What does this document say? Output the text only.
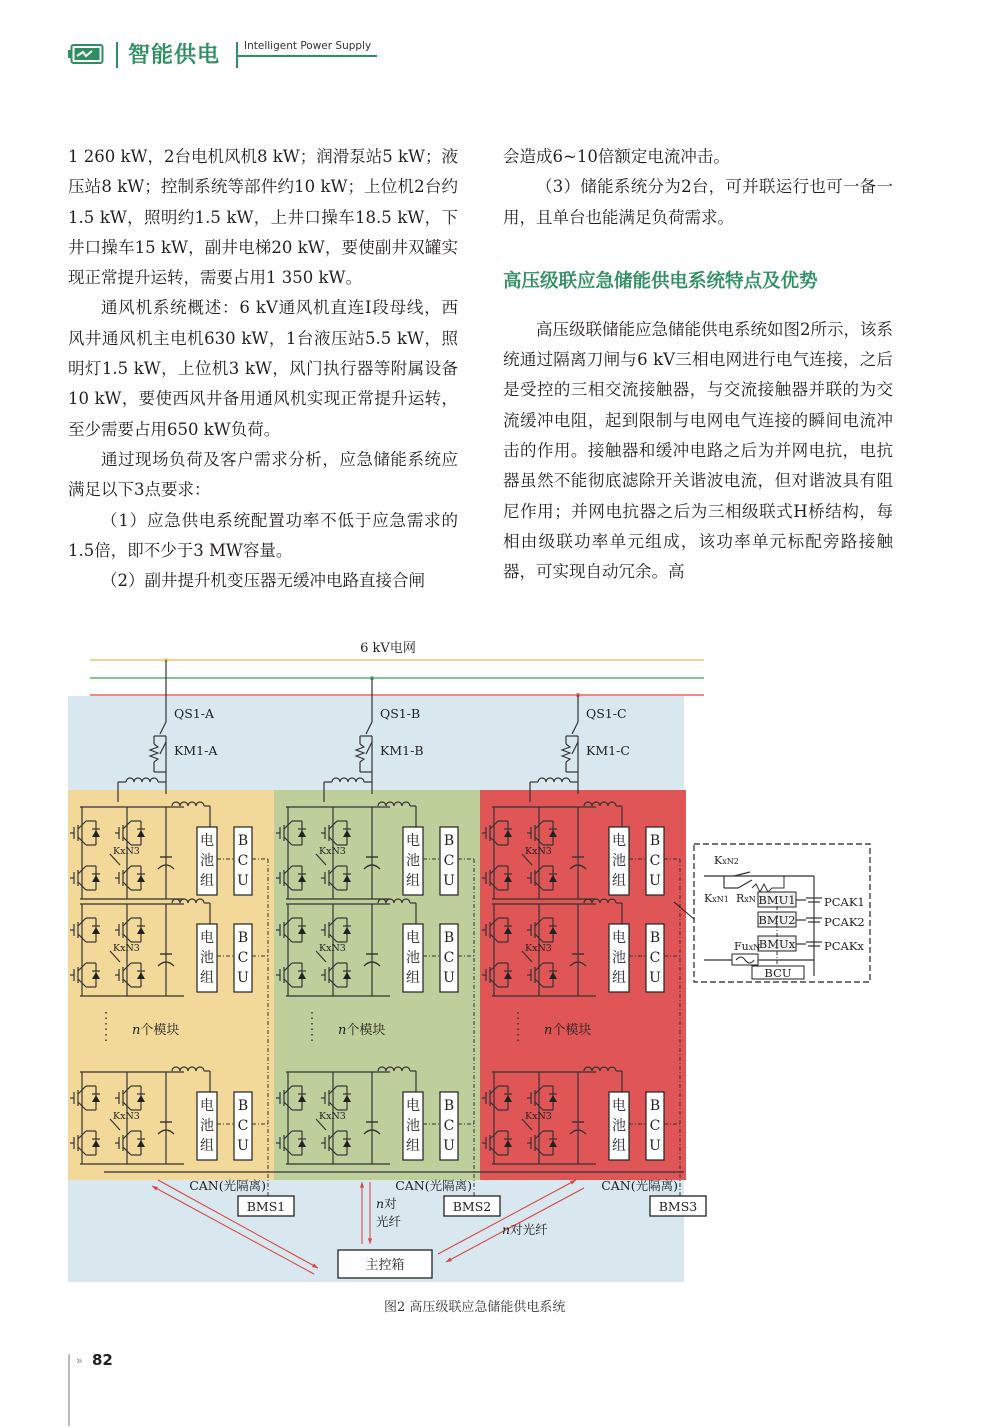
智能供电 Intelligent Power Supply

1 260 kW，2台电机风机8 kW；润滑泵站5 kW；液压站8 kW；控制系统等部件约10 kW；上位机2台约1.5 kW，照明约1.5 kW，上井口操车18.5 kW，下井口操车15 kW，副井电梯20 kW，要使副井双罐实现正常提升运转，需要占用1 350 kW。

通风机系统概述：6 kV通风机直连I段母线，西风井通风机主电机630 kW，1台液压站5.5 kW，照明灯1.5 kW，上位机3 kW，风门执行器等附属设备10 kW，要使西风井备用通风机实现正常提升运转，至少需要占用650 kW负荷。

通过现场负荷及客户需求分析，应急储能系统应满足以下3点要求：

（1）应急供电系统配置功率不低于应急需求的1.5倍，即不少于3 MW容量。

（2）副井提升机变压器无缓冲电路直接合闸

会造成6~10倍额定电流冲击。

（3）储能系统分为2台，可并联运行也可一备一用，且单台也能满足负荷需求。

高压级联应急储能供电系统特点及优势

高压级联储能应急储能供电系统如图2所示，该系统通过隔离刀闸与6 kV三相电网进行电气连接，之后是受控的三相交流接触器，与交流接触器并联的为交流缓冲电阻，起到限制与电网电气连接的瞬间电流冲击的作用。接触器和缓冲电路之后为并网电抗，电抗器虽然不能彻底滤除开关谐波电流，但对谐波具有阻尼作用；并网电抗器之后为三相级联式H桥结构，每相由级联功率单元组成，该功率单元标配旁路接触器，可实现自动冗余。高

6 kV电网
QS1-A
KM1-A
KxN3
电
池
组
B
C
U
KxN3
电
池
组
B
C
U
KxN3
电
池
组
B
C
U
n个模块
CAN(光隔离)
BMS1
QS1-B
KM1-B
KxN3
电
池
组
B
C
U
KxN3
电
池
组
B
C
U
KxN3
电
池
组
B
C
U
n个模块
CAN(光隔离)
BMS2
QS1-C
KM1-C
KxN3
电
池
组
B
C
U
KxN3
电
池
组
B
C
U
KxN3
电
池
组
B
C
U
n个模块
CAN(光隔离)
BMS3
主控箱
n对
光纤
n对光纤
KxN2
KxN1 RxN BMU1
BMU2
BMUx
PCAK1
PCAK2
PCAKx
FuxN
BCU
图2 高压级联应急储能供电系统
» 82
